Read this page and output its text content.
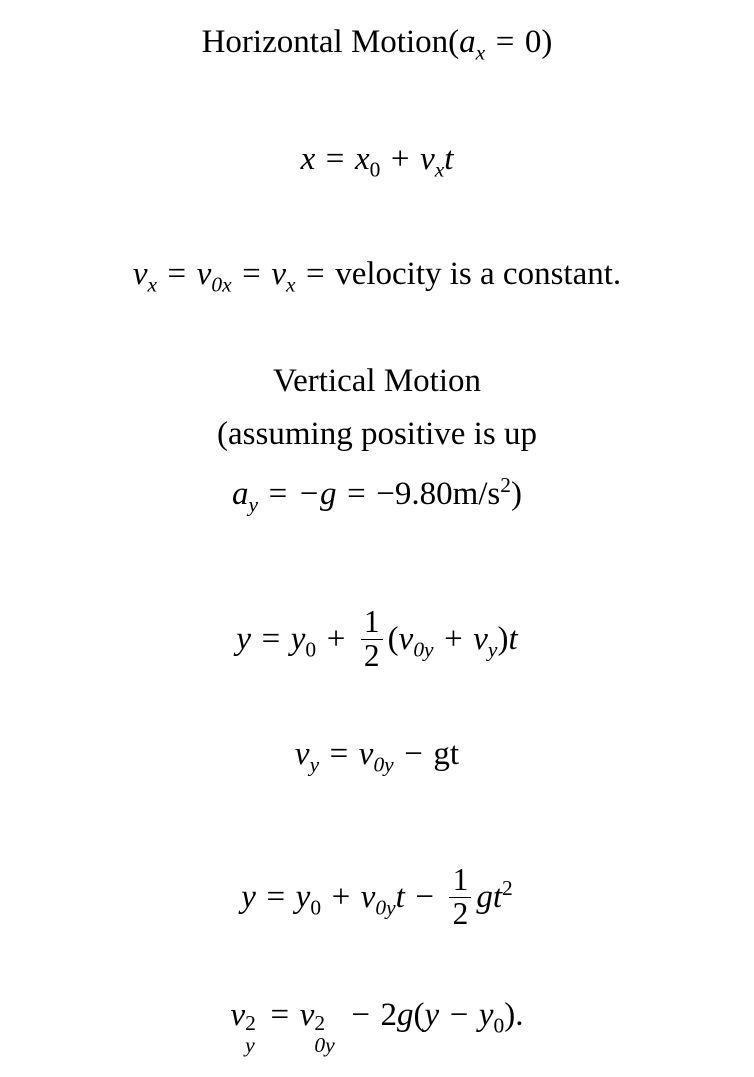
Horizontal $Motion(a_x = 0)$
$x = x_0 + v_xt$
$v_x = v_{0x} = v_x$ = velocity is a constant.
Vertical Motion
(assuming positive is up
$a_y = -g = -9.80m/s^2$)
$y = y_0 + \frac{1}{2} (v_{0y} + v_y)t$
$v_y = v_{0y}$ − gt
$y = y_0 + v_{0y}t - \frac{1}{2} gt^2$
v 2
y
= v 2
0y
− $2g(y - y_0)$.
